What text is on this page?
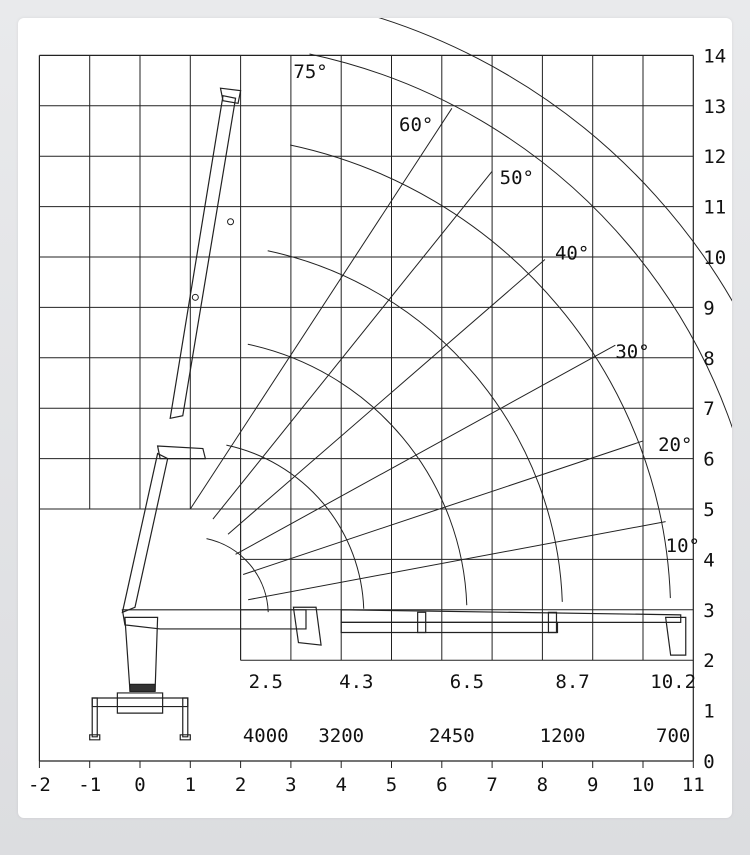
-2 -1 0 1 2 3 4 5 6 7 8 9 10 11
0
1
2
3
4
5
6
7
8
9
10
11
12
13
14
75°
60°
50°
40°
30°
20°
10°
2.5	4.3	6.5	8.7	10.2
4000 3200	2450	1200	700
